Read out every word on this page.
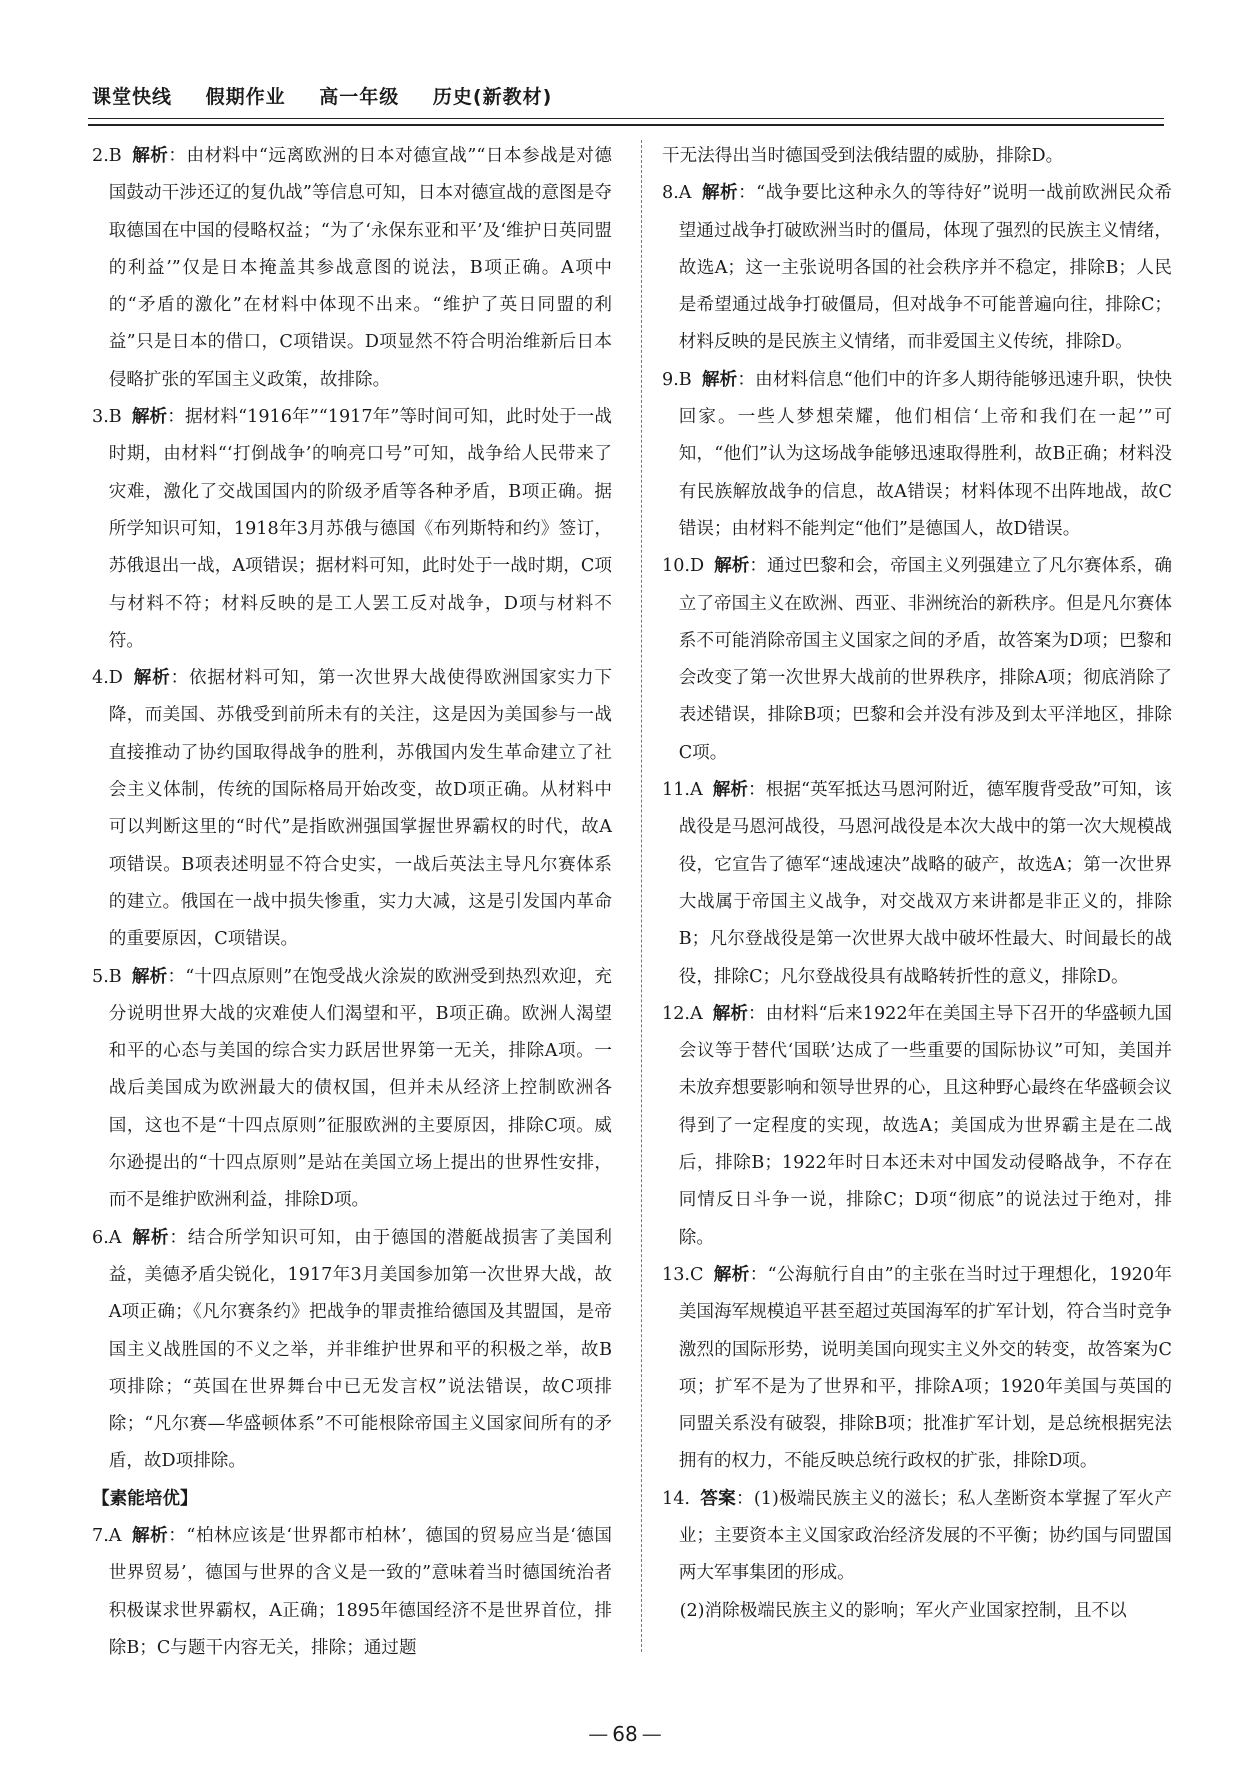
课堂快线 假期作业 高一年级 历史(新教材)

2.B 解析：由材料中“远离欧洲的日本对德宣战”“日本参战是对德国鼓动干涉还辽的复仇战”等信息可知，日本对德宣战的意图是夺取德国在中国的侵略权益；“为了‘永保东亚和平’及‘维护日英同盟的利益’”仅是日本掩盖其参战意图的说法，B项正确。A项中的“矛盾的激化”在材料中体现不出来。“维护了英日同盟的利益”只是日本的借口，C项错误。D项显然不符合明治维新后日本侵略扩张的军国主义政策，故排除。

3.B 解析：据材料“1916年”“1917年”等时间可知，此时处于一战时期，由材料“‘打倒战争’的响亮口号”可知，战争给人民带来了灾难，激化了交战国国内的阶级矛盾等各种矛盾，B项正确。据所学知识可知，1918年3月苏俄与德国《布列斯特和约》签订，苏俄退出一战，A项错误；据材料可知，此时处于一战时期，C项与材料不符；材料反映的是工人罢工反对战争，D项与材料不符。

4.D 解析：依据材料可知，第一次世界大战使得欧洲国家实力下降，而美国、苏俄受到前所未有的关注，这是因为美国参与一战直接推动了协约国取得战争的胜利，苏俄国内发生革命建立了社会主义体制，传统的国际格局开始改变，故D项正确。从材料中可以判断这里的“时代”是指欧洲强国掌握世界霸权的时代，故A项错误。B项表述明显不符合史实，一战后英法主导凡尔赛体系的建立。俄国在一战中损失惨重，实力大减，这是引发国内革命的重要原因，C项错误。

5.B 解析：“十四点原则”在饱受战火涂炭的欧洲受到热烈欢迎，充分说明世界大战的灾难使人们渴望和平，B项正确。欧洲人渴望和平的心态与美国的综合实力跃居世界第一无关，排除A项。一战后美国成为欧洲最大的债权国，但并未从经济上控制欧洲各国，这也不是“十四点原则”征服欧洲的主要原因，排除C项。威尔逊提出的“十四点原则”是站在美国立场上提出的世界性安排，而不是维护欧洲利益，排除D项。

6.A 解析：结合所学知识可知，由于德国的潜艇战损害了美国利益，美德矛盾尖锐化，1917年3月美国参加第一次世界大战，故A项正确；《凡尔赛条约》把战争的罪责推给德国及其盟国，是帝国主义战胜国的不义之举，并非维护世界和平的积极之举，故B项排除；“英国在世界舞台中已无发言权”说法错误，故C项排除；“凡尔赛—华盛顿体系”不可能根除帝国主义国家间所有的矛盾，故D项排除。

【素能培优】

7.A 解析：“柏林应该是‘世界都市柏林’，德国的贸易应当是‘德国世界贸易’，德国与世界的含义是一致的”意味着当时德国统治者积极谋求世界霸权，A正确；1895年德国经济不是世界首位，排除B；C与题干内容无关，排除；通过题

干无法得出当时德国受到法俄结盟的威胁，排除D。

8.A 解析：“战争要比这种永久的等待好”说明一战前欧洲民众希望通过战争打破欧洲当时的僵局，体现了强烈的民族主义情绪，故选A；这一主张说明各国的社会秩序并不稳定，排除B；人民是希望通过战争打破僵局，但对战争不可能普遍向往，排除C；材料反映的是民族主义情绪，而非爱国主义传统，排除D。

9.B 解析：由材料信息“他们中的许多人期待能够迅速升职，快快回家。一些人梦想荣耀，他们相信‘上帝和我们在一起’”可知，“他们”认为这场战争能够迅速取得胜利，故B正确；材料没有民族解放战争的信息，故A错误；材料体现不出阵地战，故C错误；由材料不能判定“他们”是德国人，故D错误。

10.D 解析：通过巴黎和会，帝国主义列强建立了凡尔赛体系，确立了帝国主义在欧洲、西亚、非洲统治的新秩序。但是凡尔赛体系不可能消除帝国主义国家之间的矛盾，故答案为D项；巴黎和会改变了第一次世界大战前的世界秩序，排除A项；彻底消除了表述错误，排除B项；巴黎和会并没有涉及到太平洋地区，排除C项。

11.A 解析：根据“英军抵达马恩河附近，德军腹背受敌”可知，该战役是马恩河战役，马恩河战役是本次大战中的第一次大规模战役，它宣告了德军“速战速决”战略的破产，故选A；第一次世界大战属于帝国主义战争，对交战双方来讲都是非正义的，排除B；凡尔登战役是第一次世界大战中破坏性最大、时间最长的战役，排除C；凡尔登战役具有战略转折性的意义，排除D。

12.A 解析：由材料“后来1922年在美国主导下召开的华盛顿九国会议等于替代‘国联’达成了一些重要的国际协议”可知，美国并未放弃想要影响和领导世界的心，且这种野心最终在华盛顿会议得到了一定程度的实现，故选A；美国成为世界霸主是在二战后，排除B；1922年时日本还未对中国发动侵略战争，不存在同情反日斗争一说，排除C；D项“彻底”的说法过于绝对，排除。

13.C 解析：“公海航行自由”的主张在当时过于理想化，1920年美国海军规模追平甚至超过英国海军的扩军计划，符合当时竞争激烈的国际形势，说明美国向现实主义外交的转变，故答案为C项；扩军不是为了世界和平，排除A项；1920年美国与英国的同盟关系没有破裂，排除B项；批准扩军计划，是总统根据宪法拥有的权力，不能反映总统行政权的扩张，排除D项。

14. 答案：(1)极端民族主义的滋长；私人垄断资本掌握了军火产业；主要资本主义国家政治经济发展的不平衡；协约国与同盟国两大军事集团的形成。

(2)消除极端民族主义的影响；军火产业国家控制，且不以

— 68 —
